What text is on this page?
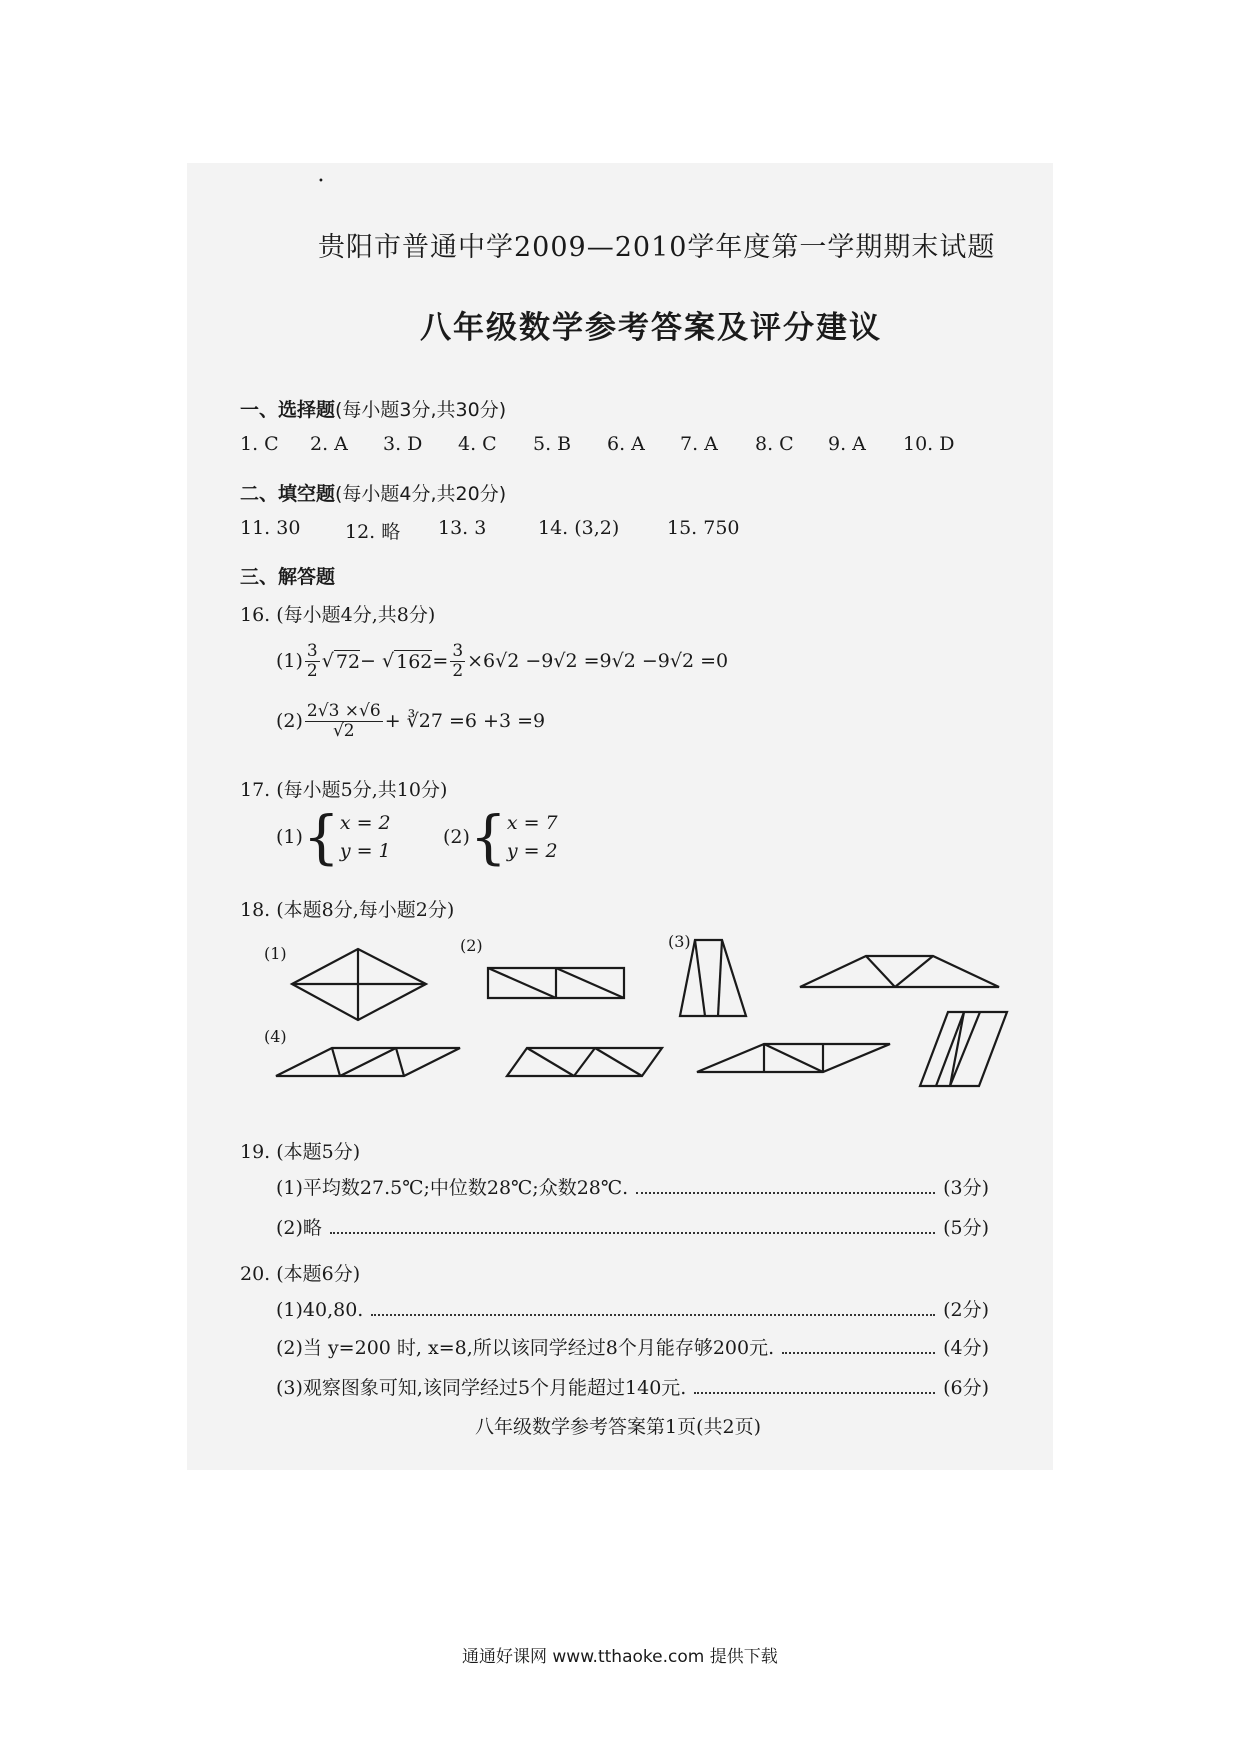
•
贵阳市普通中学2009—2010学年度第一学期期末试题
八年级数学参考答案及评分建议
一、选择题(每小题3分,共30分)
1. C 2. A 3. D 4. C 5. B 6. A 7. A 8. C 9. A 10. D
二、填空题(每小题4分,共20分)
11. 30 12. 略 13. 3	14. (3,2)	15. 750
三、解答题
16. (每小题4分,共8分)
$(1) \frac{3}{2}$ √ 72 − √ $162 = \frac{3}{2} \times 6√2 -9√2 =9√2 -9√2 =0$
$(2) \frac{2√3 \times√6}{√2}$ + ∛27 =6 +3 =9
17. (每小题5分,共10分)
(1) { x = 2
y = 1
(2) { x = 7
y = 2
18. (本题8分,每小题2分)
(1)	(2)	(3)
(4)
19. (本题5分)
(1)平均数27.5℃;中位数28℃;众数28℃.	(3分)
(2)略	(5分)
20. (本题6分)
(1)40,80.	(2分)
(2)当 y=200 时, x=8,所以该同学经过8个月能存够200元.	(4分)
(3)观察图象可知,该同学经过5个月能超过140元.	(6分)
八年级数学参考答案第1页(共2页)
通通好课网 www.tthaoke.com 提供下载
